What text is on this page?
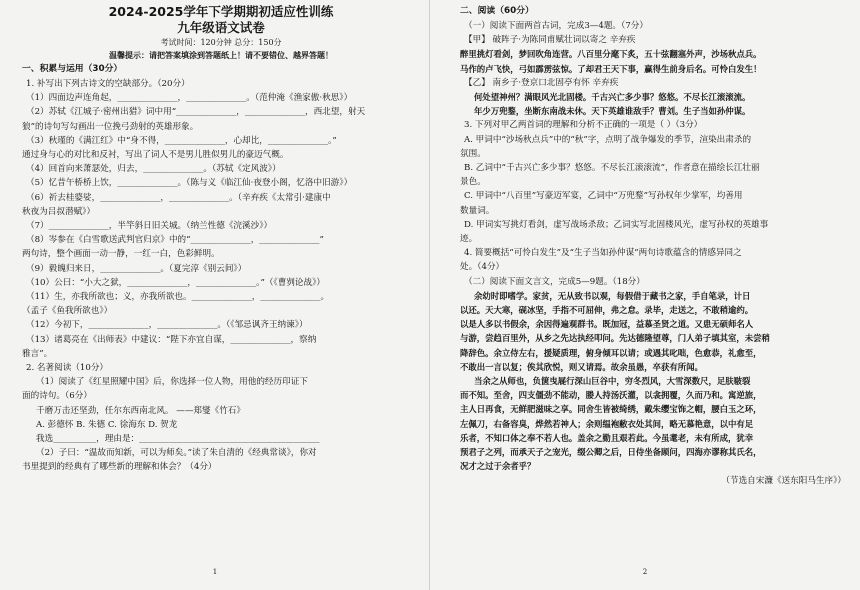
2024-2025学年下学期期初适应性训练
九年级语文试卷
考试时间：120分钟 总分：150分
温馨提示：请把答案填涂到答题纸上！请不要错位、越界答题！
一、积累与运用（30分）
1. 补写出下列古诗文的空缺部分。（20分）
（1）四面边声连角起，______________，______________。（范仲淹《渔家傲·秋思》）
（2）苏轼《江城子·密州出猎》词中用“______________，______________，西北望，射天
狼”的诗句写勾画出一位挽弓劲射的英雄形象。
（3）秋瑾的《满江红》中“身不得，______________，心却比，______________。”
通过身与心的对比和反衬，写出了词人不是男儿胜似男儿的豪迈气概。
（4）回首向来萧瑟处，归去，______________。（苏轼《定风波》）
（5）忆昔午桥桥上饮，______________。（陈与义《临江仙·夜登小阁，忆洛中旧游》）
（6）祈去桂婆娑，______________，______________。（辛弃疾《太常引·建康中
秋夜为吕叔潜赋》）
（7）______________，半竿斜日旧关城。（纳兰性德《浣溪沙》）
（8）岑参在《白雪歌送武判官归京》中的“______________，______________”
两句诗，整个画面一动一静，一红一白，色彩鲜明。
（9）毅魄归来日，______________。（夏完淳《别云间》）
（10）公曰：“小大之狱，______________，______________。”（《曹刿论战》）
（11）生，亦我所欲也；义，亦我所欲也。______________，______________。
（孟子《鱼我所欲也》）
（12）今初下，______________，______________。（《邹忌讽齐王纳谏》）
（13）诸葛亮在《出师表》中建议：“陛下亦宜自谋，______________，察纳
雅言”。
2. 名著阅读（10分）
（1）阅读了《红星照耀中国》后，你选择一位人物，用他的经历印证下
面的诗句。（6分）
千磨万击还坚劲，任尔东西南北风。 ——郑燮《竹石》
A. 彭德怀 B. 朱德 C. 徐海东 D. 贺龙
我选__________，理由是：__________________________________________
（2）子曰：“温故而知新，可以为师矣。”读了朱自清的《经典常谈》，你对
书里提到的经典有了哪些新的理解和体会？（4分）
1
二、阅读（60分）
（一）阅读下面两首古词，完成3—4题。（7分）
【甲】 破阵子·为陈同甫赋壮词以寄之 辛弃疾
醉里挑灯看剑，梦回吹角连营。八百里分麾下炙，五十弦翻塞外声，沙场秋点兵。
马作的卢飞快，弓如霹雳弦惊。了却君王天下事，赢得生前身后名。可怜白发生！
【乙】 南乡子·登京口北固亭有怀 辛弃疾
何处望神州？满眼风光北固楼。千古兴亡多少事？悠悠。不尽长江滚滚流。
年少万兜鍪，坐断东南战未休。天下英雄谁敌手？曹刘。生子当如孙仲谋。
3. 下列对甲乙两首词的理解和分析不正确的一项是（ ）（3分）
A. 甲词中“沙场秋点兵”中的“秋”字，点明了战争爆发的季节，渲染出肃杀的
氛围。
B. 乙词中“千古兴亡多少事？悠悠。不尽长江滚滚流”，作者意在描绘长江壮丽
景色。
C. 甲词中“八百里”写豪迈军宴，乙词中“万兜鍪”写孙权年少掌军，均善用
数量词。
D. 甲词实写挑灯看剑，虚写战场杀敌；乙词实写北固楼风光，虚写孙权的英雄事
迹。
4. 简要概括“可怜白发生”及“生子当如孙仲谋”两句诗歌蕴含的情感异同之
处。（4分）
（二）阅读下面文言文，完成5—9题。（18分）
余幼时即嗜学。家贫，无从致书以观，每假借于藏书之家，手自笔录，计日
以还。天大寒，砚冰坚，手指不可屈伸，弗之怠。录毕，走送之，不敢稍逾约。
以是人多以书假余，余因得遍观群书。既加冠，益慕圣贤之道。又患无硕师名人
与游，尝趋百里外，从乡之先达执经叩问。先达德隆望尊，门人弟子填其室，未尝稍
降辞色。余立侍左右，援疑质理，俯身倾耳以请；或遇其叱咄，色愈恭，礼愈至，
不敢出一言以复；俟其欣悦，则又请焉。故余虽愚，卒获有所闻。
当余之从师也，负箧曳屣行深山巨谷中，穷冬烈风，大雪深数尺，足肤皲裂
而不知。至舍，四支僵劲不能动，媵人持汤沃灌，以衾拥覆，久而乃和。寓逆旅，
主人日再食，无鲜肥滋味之享。同舍生皆被绮绣，戴朱缨宝饰之帽，腰白玉之环，
左佩刀，右备容臭，烨然若神人；余则缊袍敝衣处其间，略无慕艳意，以中有足
乐者，不知口体之奉不若人也。盖余之勤且艰若此。今虽耄老，未有所成，犹幸
预君子之列，而承天子之宠光，缀公卿之后，日侍坐备顾问，四海亦谬称其氏名，
况才之过于余者乎？
（节选自宋濂《送东阳马生序》）
2
